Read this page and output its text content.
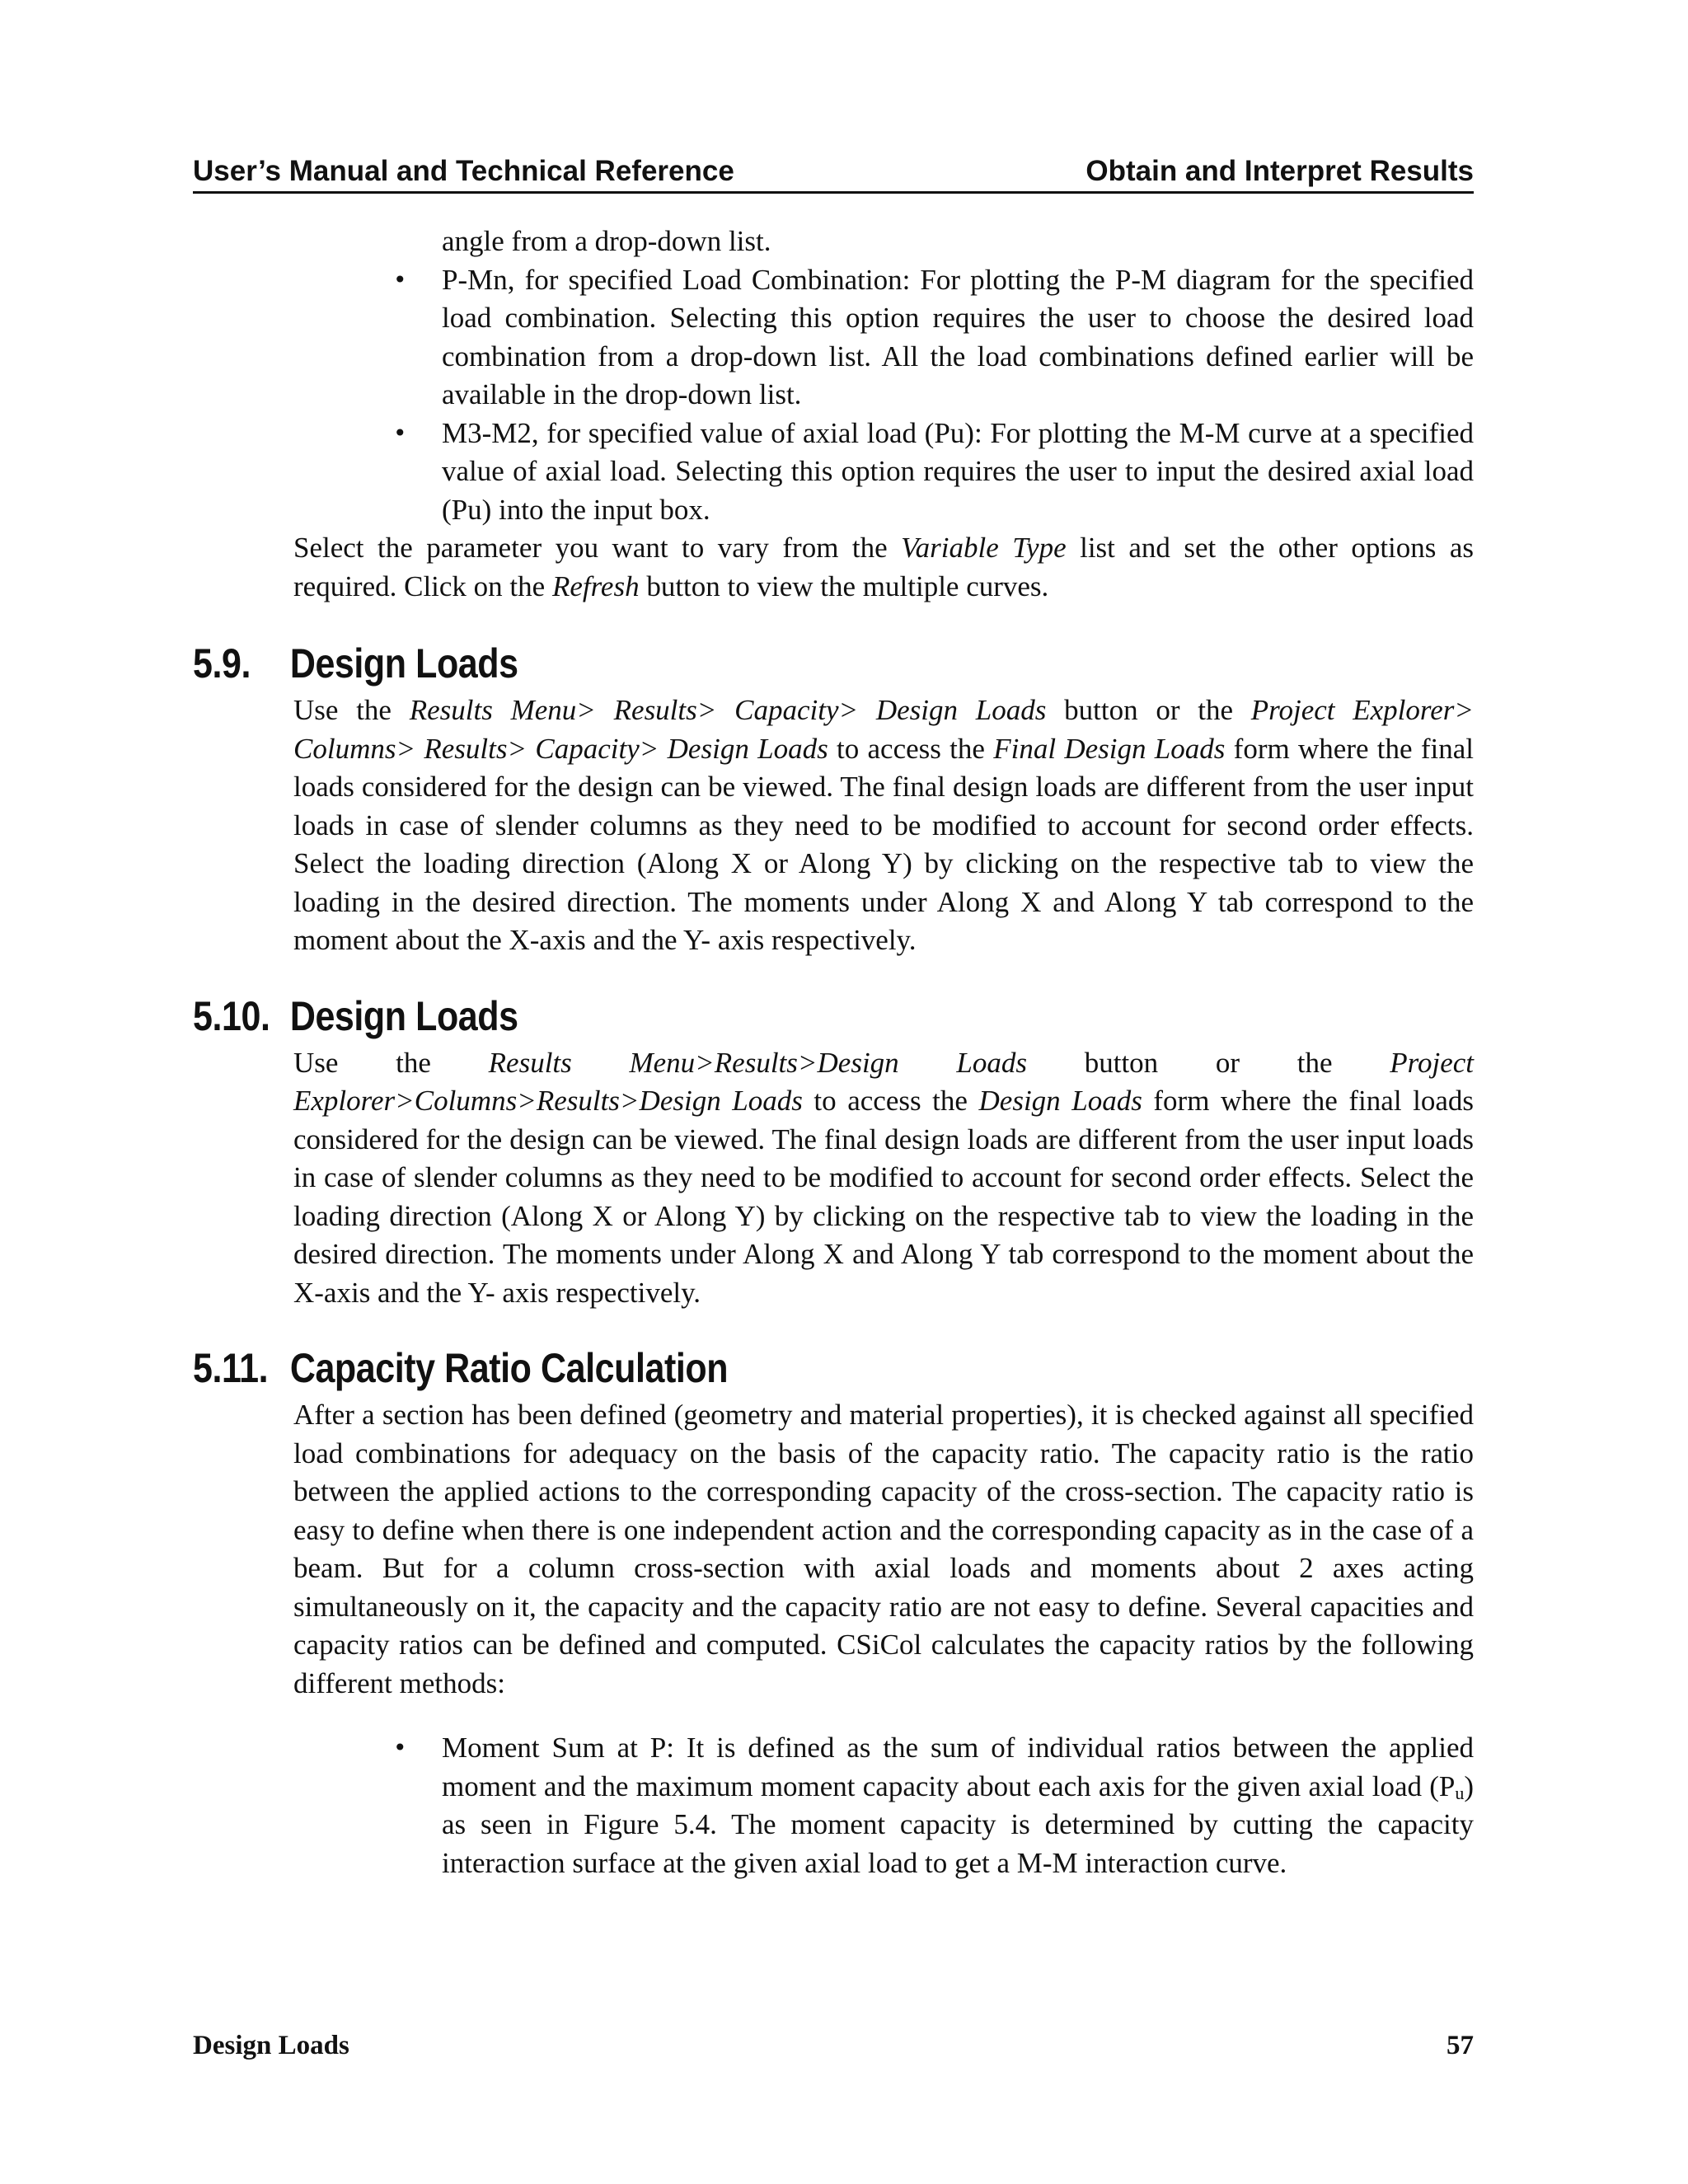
User’s Manual and Technical Reference	Obtain and Interpret Results
angle from a drop-down list.
• P-Mn, for specified Load Combination: For plotting the P-M diagram for the specified load combination. Selecting this option requires the user to choose the desired load combination from a drop-down list. All the load combinations defined earlier will be available in the drop-down list.
• M3-M2, for specified value of axial load (Pu): For plotting the M-M curve at a specified value of axial load. Selecting this option requires the user to input the desired axial load (Pu) into the input box.

Select the parameter you want to vary from the Variable Type list and set the other options as required. Click on the Refresh button to view the multiple curves.

5.9. Design Loads

Use the Results Menu> Results> Capacity> Design Loads button or the Project Explorer> Columns> Results> Capacity> Design Loads to access the Final Design Loads form where the final loads considered for the design can be viewed. The final design loads are different from the user input loads in case of slender columns as they need to be modified to account for second order effects. Select the loading direction (Along X or Along Y) by clicking on the respective tab to view the loading in the desired direction. The moments under Along X and Along Y tab correspond to the moment about the X-axis and the Y- axis respectively.

5.10. Design Loads

Use the Results Menu>Results>Design Loads button or the Project Explorer>Columns>Results>Design Loads to access the Design Loads form where the final loads considered for the design can be viewed. The final design loads are different from the user input loads in case of slender columns as they need to be modified to account for second order effects. Select the loading direction (Along X or Along Y) by clicking on the respective tab to view the loading in the desired direction. The moments under Along X and Along Y tab correspond to the moment about the X-axis and the Y- axis respectively.

5.11. Capacity Ratio Calculation

After a section has been defined (geometry and material properties), it is checked against all specified load combinations for adequacy on the basis of the capacity ratio. The capacity ratio is the ratio between the applied actions to the corresponding capacity of the cross-section. The capacity ratio is easy to define when there is one independent action and the corresponding capacity as in the case of a beam. But for a column cross-section with axial loads and moments about 2 axes acting simultaneously on it, the capacity and the capacity ratio are not easy to define. Several capacities and capacity ratios can be defined and computed. CSiCol calculates the capacity ratios by the following different methods:

• Moment Sum at P: It is defined as the sum of individual ratios between the applied moment and the maximum moment capacity about each axis for the given axial load $(P_u)$ as seen in Figure 5.4. The moment capacity is determined by cutting the capacity interaction surface at the given axial load to get a M-M interaction curve.
Design Loads	57
